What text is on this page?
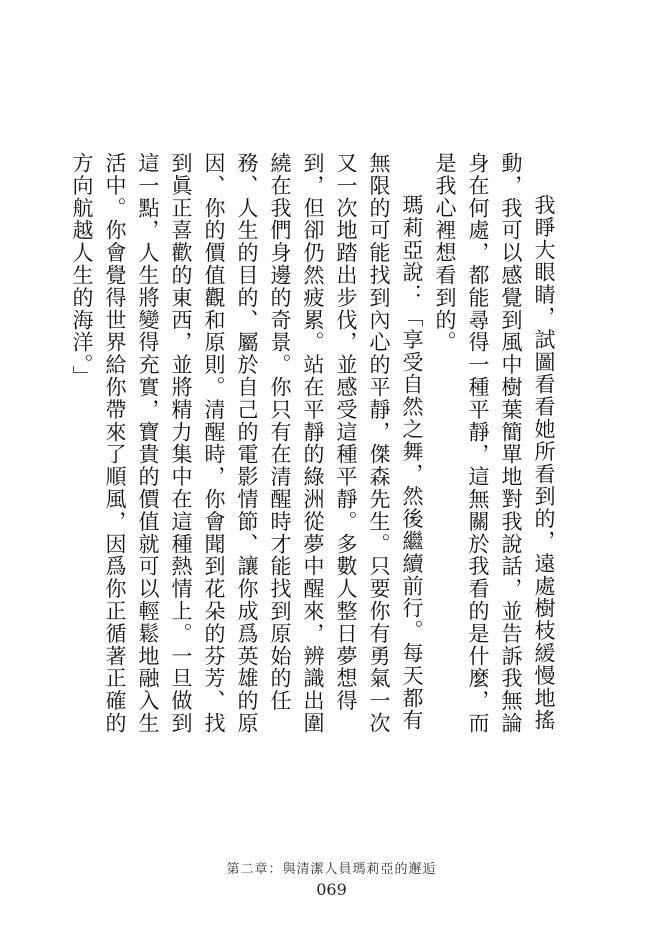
我睜大眼睛，試圖看看她所看到的，遠處樹枝緩慢地搖動，我可以感覺到風中樹葉簡單地對我說話，並告訴我無論身在何處，都能尋得一種平靜，這無關於我看的是什麼，而是我心裡想看到的。

瑪莉亞說：「享受自然之舞，然後繼續前行。每天都有無限的可能找到內心的平靜，傑森先生。只要你有勇氣一次又一次地踏出步伐，並感受這種平靜。多數人整日夢想得到，但卻仍然疲累。站在平靜的綠洲從夢中醒來，辨識出圍繞在我們身邊的奇景。你只有在清醒時才能找到原始的任務、人生的目的、屬於自己的電影情節、讓你成爲英雄的原因、你的價值觀和原則。清醒時，你會聞到花朵的芬芳、找到眞正喜歡的東西，並將精力集中在這種熱情上。一旦做到這一點，人生將變得充實，寶貴的價值就可以輕鬆地融入生活中。你會覺得世界給你帶來了順風，因爲你正循著正確的方向航越人生的海洋。」

第二章：與清潔人員瑪莉亞的邂逅
069
